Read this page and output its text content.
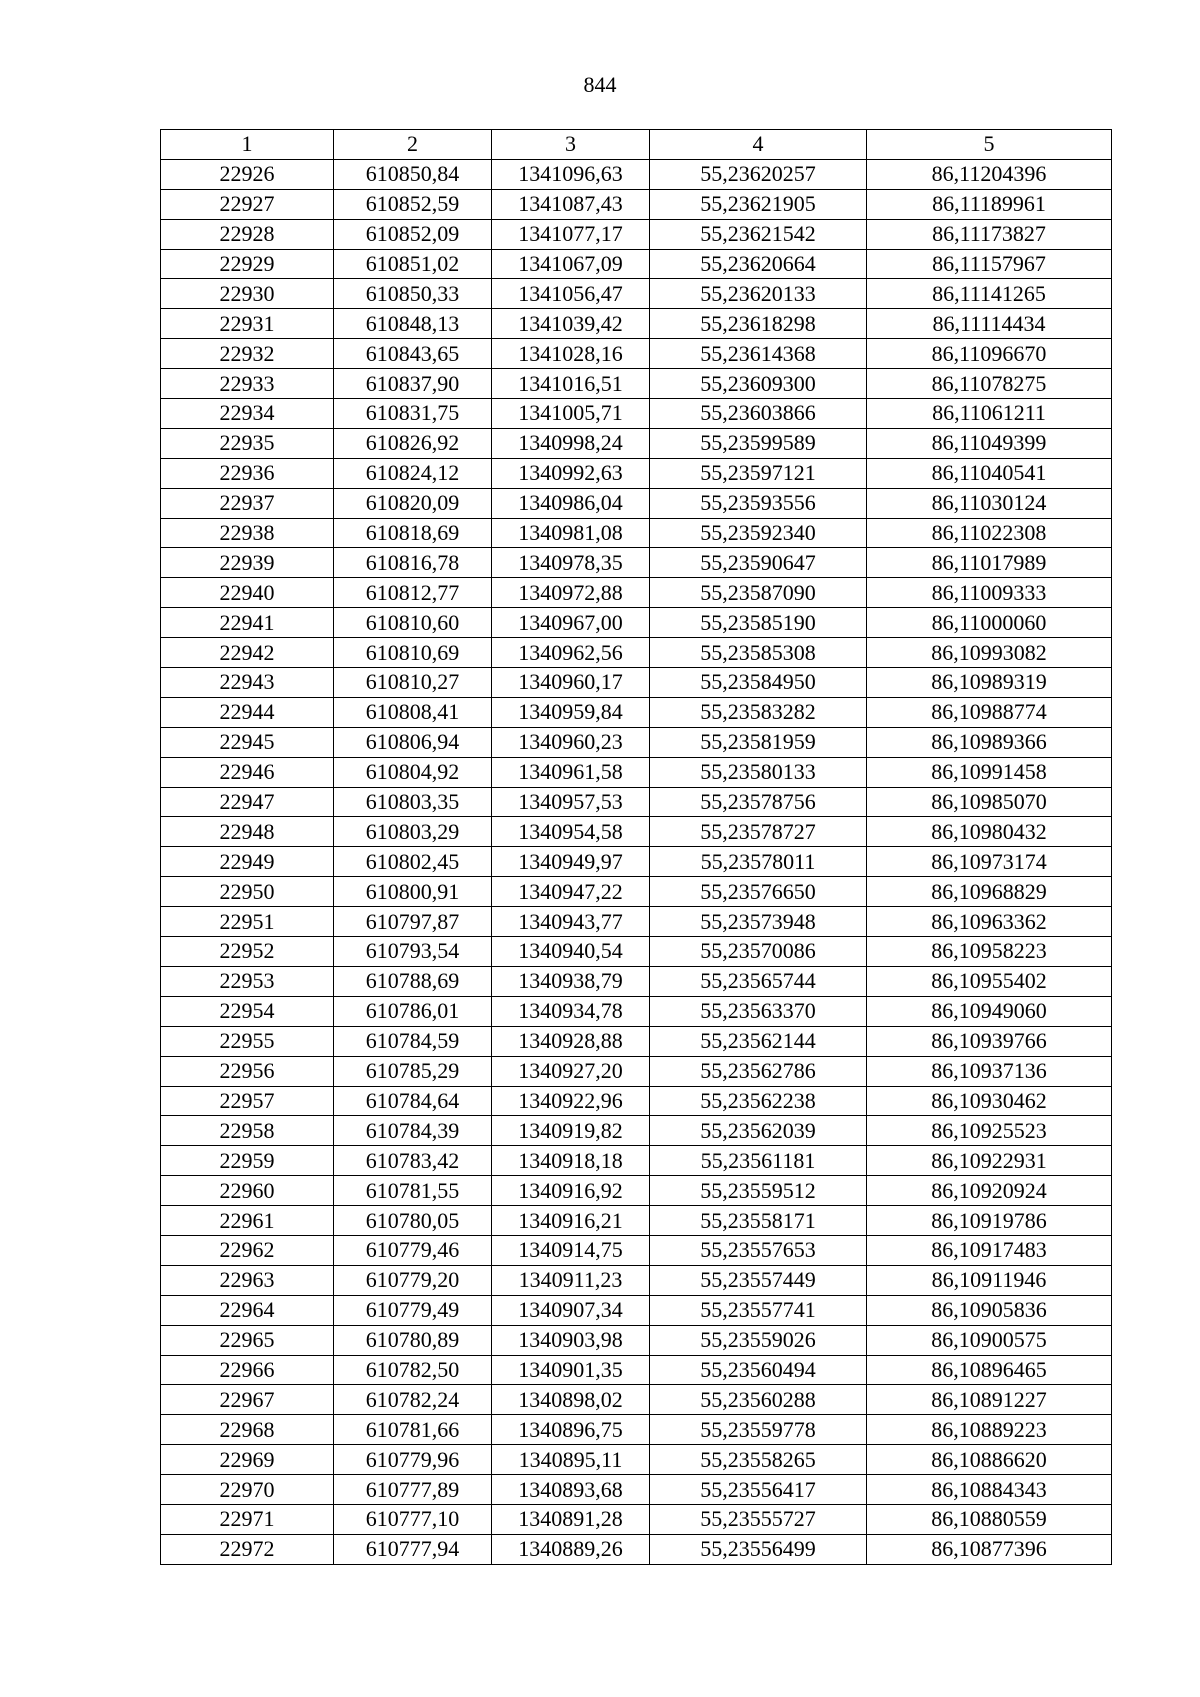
844
1	2	3	4	5
22926	610850,84	1341096,63	55,23620257	86,11204396
22927	610852,59	1341087,43	55,23621905	86,11189961
22928	610852,09	1341077,17	55,23621542	86,11173827
22929	610851,02	1341067,09	55,23620664	86,11157967
22930	610850,33	1341056,47	55,23620133	86,11141265
22931	610848,13	1341039,42	55,23618298	86,11114434
22932	610843,65	1341028,16	55,23614368	86,11096670
22933	610837,90	1341016,51	55,23609300	86,11078275
22934	610831,75	1341005,71	55,23603866	86,11061211
22935	610826,92	1340998,24	55,23599589	86,11049399
22936	610824,12	1340992,63	55,23597121	86,11040541
22937	610820,09	1340986,04	55,23593556	86,11030124
22938	610818,69	1340981,08	55,23592340	86,11022308
22939	610816,78	1340978,35	55,23590647	86,11017989
22940	610812,77	1340972,88	55,23587090	86,11009333
22941	610810,60	1340967,00	55,23585190	86,11000060
22942	610810,69	1340962,56	55,23585308	86,10993082
22943	610810,27	1340960,17	55,23584950	86,10989319
22944	610808,41	1340959,84	55,23583282	86,10988774
22945	610806,94	1340960,23	55,23581959	86,10989366
22946	610804,92	1340961,58	55,23580133	86,10991458
22947	610803,35	1340957,53	55,23578756	86,10985070
22948	610803,29	1340954,58	55,23578727	86,10980432
22949	610802,45	1340949,97	55,23578011	86,10973174
22950	610800,91	1340947,22	55,23576650	86,10968829
22951	610797,87	1340943,77	55,23573948	86,10963362
22952	610793,54	1340940,54	55,23570086	86,10958223
22953	610788,69	1340938,79	55,23565744	86,10955402
22954	610786,01	1340934,78	55,23563370	86,10949060
22955	610784,59	1340928,88	55,23562144	86,10939766
22956	610785,29	1340927,20	55,23562786	86,10937136
22957	610784,64	1340922,96	55,23562238	86,10930462
22958	610784,39	1340919,82	55,23562039	86,10925523
22959	610783,42	1340918,18	55,23561181	86,10922931
22960	610781,55	1340916,92	55,23559512	86,10920924
22961	610780,05	1340916,21	55,23558171	86,10919786
22962	610779,46	1340914,75	55,23557653	86,10917483
22963	610779,20	1340911,23	55,23557449	86,10911946
22964	610779,49	1340907,34	55,23557741	86,10905836
22965	610780,89	1340903,98	55,23559026	86,10900575
22966	610782,50	1340901,35	55,23560494	86,10896465
22967	610782,24	1340898,02	55,23560288	86,10891227
22968	610781,66	1340896,75	55,23559778	86,10889223
22969	610779,96	1340895,11	55,23558265	86,10886620
22970	610777,89	1340893,68	55,23556417	86,10884343
22971	610777,10	1340891,28	55,23555727	86,10880559
22972	610777,94	1340889,26	55,23556499	86,10877396
